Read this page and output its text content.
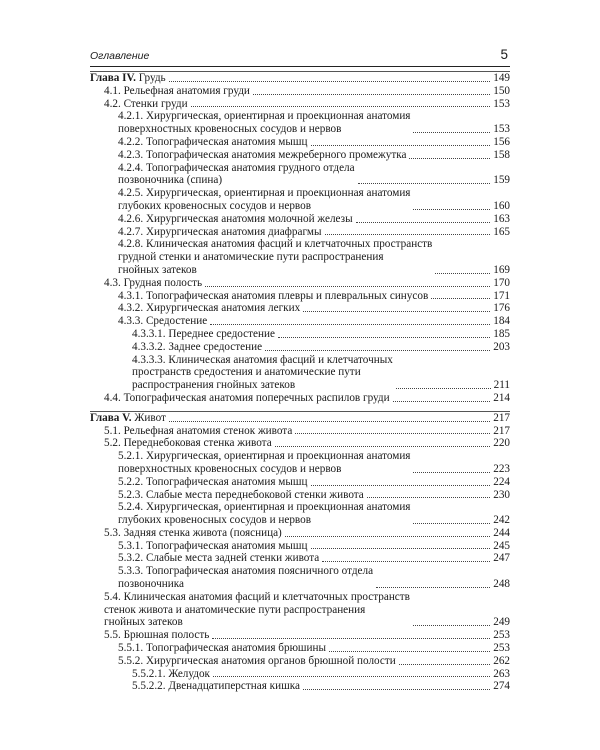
Оглавление	5
Глава IV. Грудь	149
4.1. Рельефная анатомия груди	150
4.2. Стенки груди	153
4.2.1. Хирургическая, ориентирная и проекционная анатомия
поверхностных кровеносных сосудов и нервов	153
4.2.2. Топографическая анатомия мышц	156
4.2.3. Топографическая анатомия межреберного промежутка	158
4.2.4. Топографическая анатомия грудного отдела
позвоночника (спина)	159
4.2.5. Хирургическая, ориентирная и проекционная анатомия
глубоких кровеносных сосудов и нервов	160
4.2.6. Хирургическая анатомия молочной железы	163
4.2.7. Хирургическая анатомия диафрагмы	165
4.2.8. Клиническая анатомия фасций и клетчаточных пространств
грудной стенки и анатомические пути распространения
гнойных затеков	169
4.3. Грудная полость	170
4.3.1. Топографическая анатомия плевры и плевральных синусов	171
4.3.2. Хирургическая анатомия легких	176
4.3.3. Средостение	184
4.3.3.1. Переднее средостение	185
4.3.3.2. Заднее средостение	203
4.3.3.3. Клиническая анатомия фасций и клетчаточных
пространств средостения и анатомические пути
распространения гнойных затеков	211
4.4. Топографическая анатомия поперечных распилов груди	214
Глава V. Живот	217
5.1. Рельефная анатомия стенок живота	217
5.2. Переднебоковая стенка живота	220
5.2.1. Хирургическая, ориентирная и проекционная анатомия
поверхностных кровеносных сосудов и нервов	223
5.2.2. Топографическая анатомия мышц	224
5.2.3. Слабые места переднебоковой стенки живота	230
5.2.4. Хирургическая, ориентирная и проекционная анатомия
глубоких кровеносных сосудов и нервов	242
5.3. Задняя стенка живота (поясница)	244
5.3.1. Топографическая анатомия мышц	245
5.3.2. Слабые места задней стенки живота	247
5.3.3. Топографическая анатомия поясничного отдела
позвоночника	248
5.4. Клиническая анатомия фасций и клетчаточных пространств
стенок живота и анатомические пути распространения
гнойных затеков	249
5.5. Брюшная полость	253
5.5.1. Топографическая анатомия брюшины	253
5.5.2. Хирургическая анатомия органов брюшной полости	262
5.5.2.1. Желудок	263
5.5.2.2. Двенадцатиперстная кишка	274
